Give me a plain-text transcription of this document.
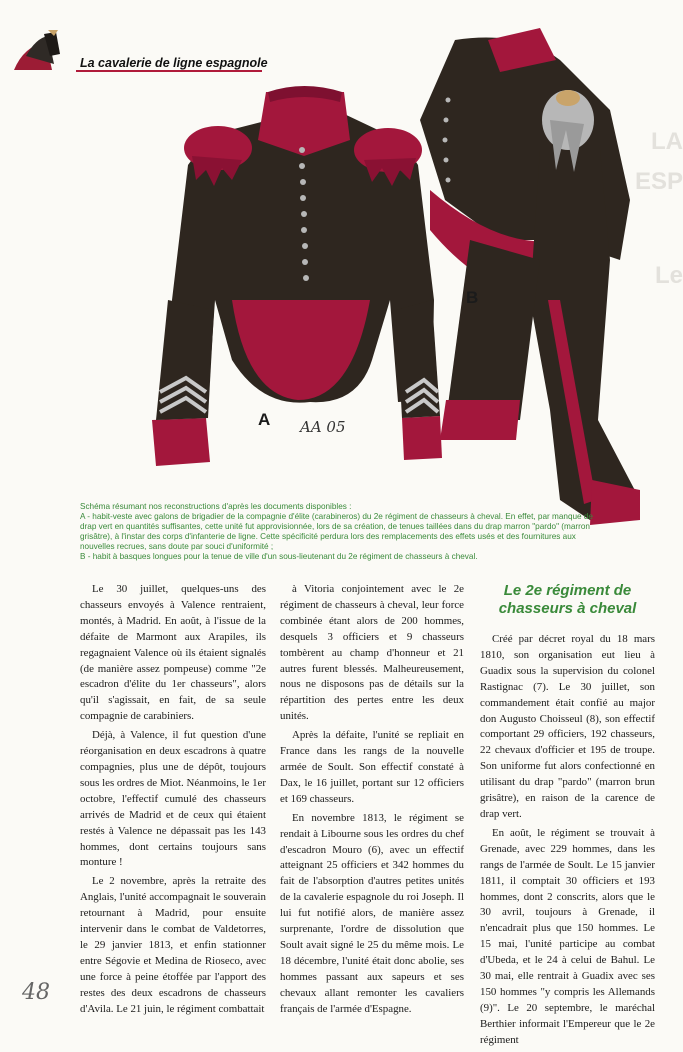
La cavalerie de ligne espagnole
LA
ESP
Le
A
B
AA 05

Schéma résumant nos reconstructions d'après les documents disponibles :

A - habit-veste avec galons de brigadier de la compagnie d'élite (carabineros) du 2e régiment de chasseurs à cheval. En effet, par manque de drap vert en quantités suffisantes, cette unité fut approvisionnée, lors de sa création, de tenues taillées dans du drap marron "pardo" (marron grisâtre), à l'instar des corps d'infanterie de ligne. Cette spécificité perdura lors des remplacements des effets usés et des fournitures aux nouvelles recrues, sans doute par souci d'uniformité ;

B - habit à basques longues pour la tenue de ville d'un sous-lieutenant du 2e régiment de chasseurs à cheval.

Le 30 juillet, quelques-uns des chasseurs envoyés à Valence rentraient, montés, à Madrid. En août, à l'issue de la défaite de Marmont aux Arapiles, ils regagnaient Valence où ils étaient signalés (de manière assez pompeuse) comme "2e escadron d'élite du 1er chasseurs", alors qu'il s'agissait, en fait, de sa seule compagnie de carabiniers.

Déjà, à Valence, il fut question d'une réorganisation en deux escadrons à quatre compagnies, plus une de dépôt, toujours sous les ordres de Miot. Néanmoins, le 1er octobre, l'effectif cumulé des chasseurs arrivés de Madrid et de ceux qui étaient restés à Valence ne dépassait pas les 143 hommes, dont certains toujours sans monture !

Le 2 novembre, après la retraite des Anglais, l'unité accompagnait le souverain retournant à Madrid, pour ensuite intervenir dans le combat de Valdetorres, le 29 janvier 1813, et enfin stationner entre Ségovie et Medina de Rioseco, avec une force à peine étoffée par l'apport des restes des deux escadrons de chasseurs d'Avila. Le 21 juin, le régiment combattait

à Vitoria conjointement avec le 2e régiment de chasseurs à cheval, leur force combinée étant alors de 200 hommes, desquels 3 officiers et 9 chasseurs tombèrent au champ d'honneur et 21 autres furent blessés. Malheureusement, nous ne disposons pas de détails sur la répartition des pertes entre les deux unités.

Après la défaite, l'unité se repliait en France dans les rangs de la nouvelle armée de Soult. Son effectif constaté à Dax, le 16 juillet, portant sur 12 officiers et 169 chasseurs.

En novembre 1813, le régiment se rendait à Libourne sous les ordres du chef d'escadron Mouro (6), avec un effectif atteignant 25 officiers et 342 hommes du fait de l'absorption d'autres petites unités de la cavalerie espagnole du roi Joseph. Il lui fut notifié alors, de manière assez surprenante, l'ordre de dissolution que Soult avait signé le 25 du même mois. Le 18 décembre, l'unité était donc abolie, ses hommes passant aux sapeurs et ses chevaux allant remonter les cavaliers français de l'armée d'Espagne.

Le 2e régiment de
chasseurs à cheval

Créé par décret royal du 18 mars 1810, son organisation eut lieu à Guadix sous la supervision du colonel Rastignac (7). Le 30 juillet, son commandement était confié au major don Augusto Choisseul (8), son effectif comportant 29 officiers, 192 chasseurs, 22 chevaux d'officier et 195 de troupe. Son uniforme fut alors confectionné en utilisant du drap "pardo" (marron brun grisâtre), en raison de la carence de drap vert.

En août, le régiment se trouvait à Grenade, avec 229 hommes, dans les rangs de l'armée de Soult. Le 15 janvier 1811, il comptait 30 officiers et 193 hommes, dont 2 conscrits, alors que le 30 avril, toujours à Grenade, il n'encadrait plus que 150 hommes. Le 15 mai, l'unité participe au combat d'Ubeda, et le 24 à celui de Bahul. Le 30 mai, elle rentrait à Guadix avec ses 150 hommes "y compris les Allemands (9)". Le 20 septembre, le maréchal Berthier informait l'Empereur que le 2e régiment

48
